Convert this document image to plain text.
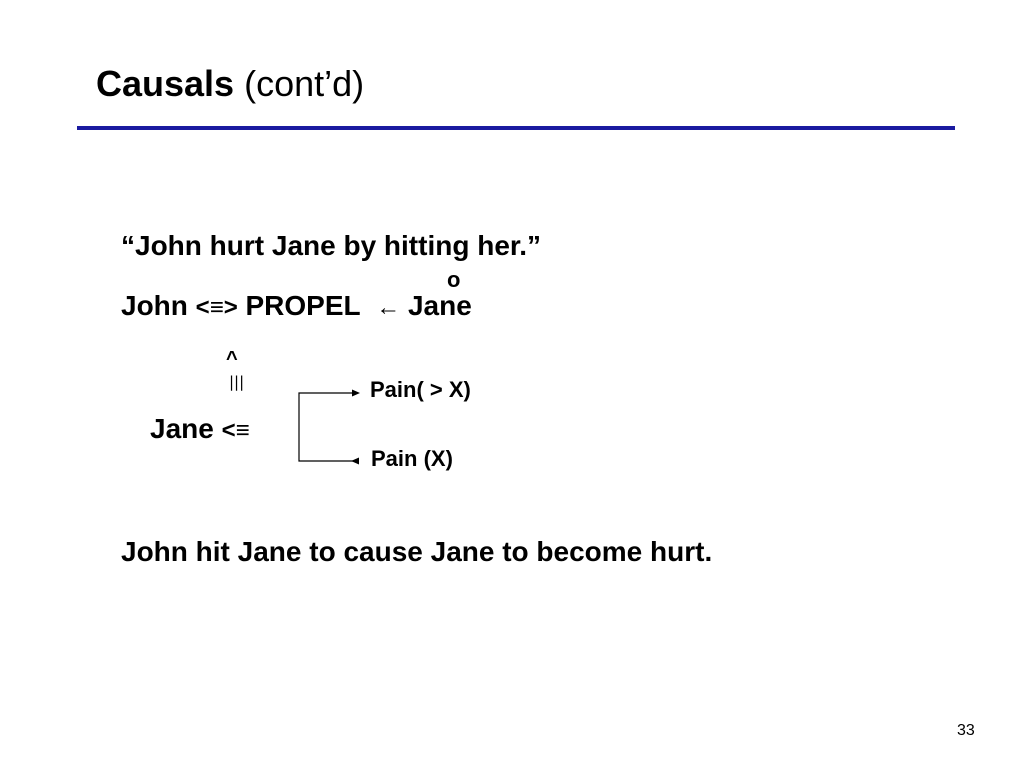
Causals (cont’d)
“John hurt Jane by hitting her.”
o
John <≡> PROPEL ← Jane
^
|||
Jane <≡
Pain( > X)
Pain (X)
John hit Jane to cause Jane to become hurt.
33
